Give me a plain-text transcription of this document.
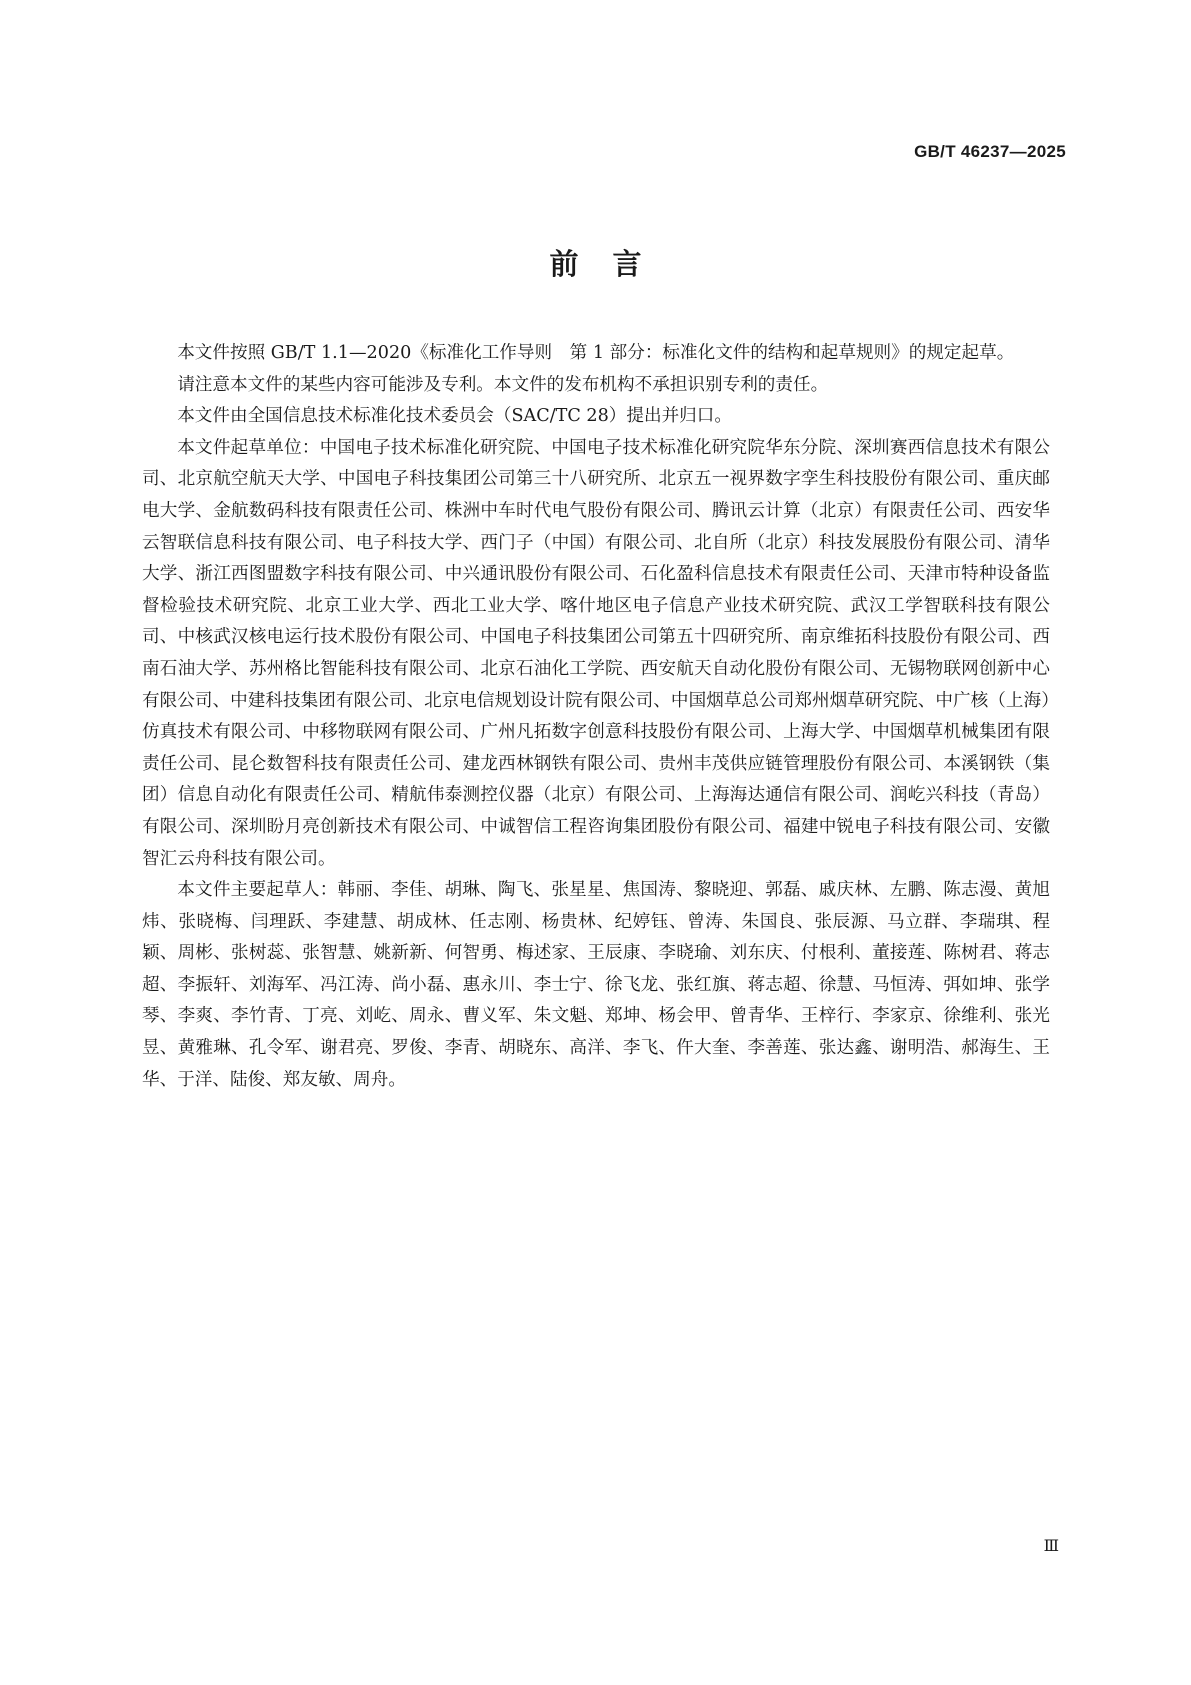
GB/T 46237—2025
前言

本文件按照 GB/T 1.1—2020《标准化工作导则　第 1 部分：标准化文件的结构和起草规则》的规定起草。

请注意本文件的某些内容可能涉及专利。本文件的发布机构不承担识别专利的责任。

本文件由全国信息技术标准化技术委员会（SAC/TC 28）提出并归口。

本文件起草单位：中国电子技术标准化研究院、中国电子技术标准化研究院华东分院、深圳赛西信息技术有限公司、北京航空航天大学、中国电子科技集团公司第三十八研究所、北京五一视界数字孪生科技股份有限公司、重庆邮电大学、金航数码科技有限责任公司、株洲中车时代电气股份有限公司、腾讯云计算（北京）有限责任公司、西安华云智联信息科技有限公司、电子科技大学、西门子（中国）有限公司、北自所（北京）科技发展股份有限公司、清华大学、浙江西图盟数字科技有限公司、中兴通讯股份有限公司、石化盈科信息技术有限责任公司、天津市特种设备监督检验技术研究院、北京工业大学、西北工业大学、喀什地区电子信息产业技术研究院、武汉工学智联科技有限公司、中核武汉核电运行技术股份有限公司、中国电子科技集团公司第五十四研究所、南京维拓科技股份有限公司、西南石油大学、苏州格比智能科技有限公司、北京石油化工学院、西安航天自动化股份有限公司、无锡物联网创新中心有限公司、中建科技集团有限公司、北京电信规划设计院有限公司、中国烟草总公司郑州烟草研究院、中广核（上海）仿真技术有限公司、中移物联网有限公司、广州凡拓数字创意科技股份有限公司、上海大学、中国烟草机械集团有限责任公司、昆仑数智科技有限责任公司、建龙西林钢铁有限公司、贵州丰茂供应链管理股份有限公司、本溪钢铁（集团）信息自动化有限责任公司、精航伟泰测控仪器（北京）有限公司、上海海达通信有限公司、润屹兴科技（青岛）有限公司、深圳盼月亮创新技术有限公司、中诚智信工程咨询集团股份有限公司、福建中锐电子科技有限公司、安徽智汇云舟科技有限公司。

本文件主要起草人：韩丽、李佳、胡琳、陶飞、张星星、焦国涛、黎晓迎、郭磊、戚庆林、左鹏、陈志漫、黄旭炜、张晓梅、闫理跃、李建慧、胡成林、任志刚、杨贵林、纪婷钰、曾涛、朱国良、张辰源、马立群、李瑞琪、程颖、周彬、张树蕊、张智慧、姚新新、何智勇、梅述家、王辰康、李晓瑜、刘东庆、付根利、董接莲、陈树君、蒋志超、李振轩、刘海军、冯江涛、尚小磊、惠永川、李士宁、徐飞龙、张红旗、蒋志超、徐慧、马恒涛、弭如坤、张学琴、李爽、李竹青、丁亮、刘屹、周永、曹义军、朱文魁、郑坤、杨会甲、曾青华、王梓行、李家京、徐维利、张光昱、黄雅琳、孔令军、谢君亮、罗俊、李青、胡晓东、高洋、李飞、仵大奎、李善莲、张达鑫、谢明浩、郝海生、王华、于洋、陆俊、郑友敏、周舟。

Ⅲ
